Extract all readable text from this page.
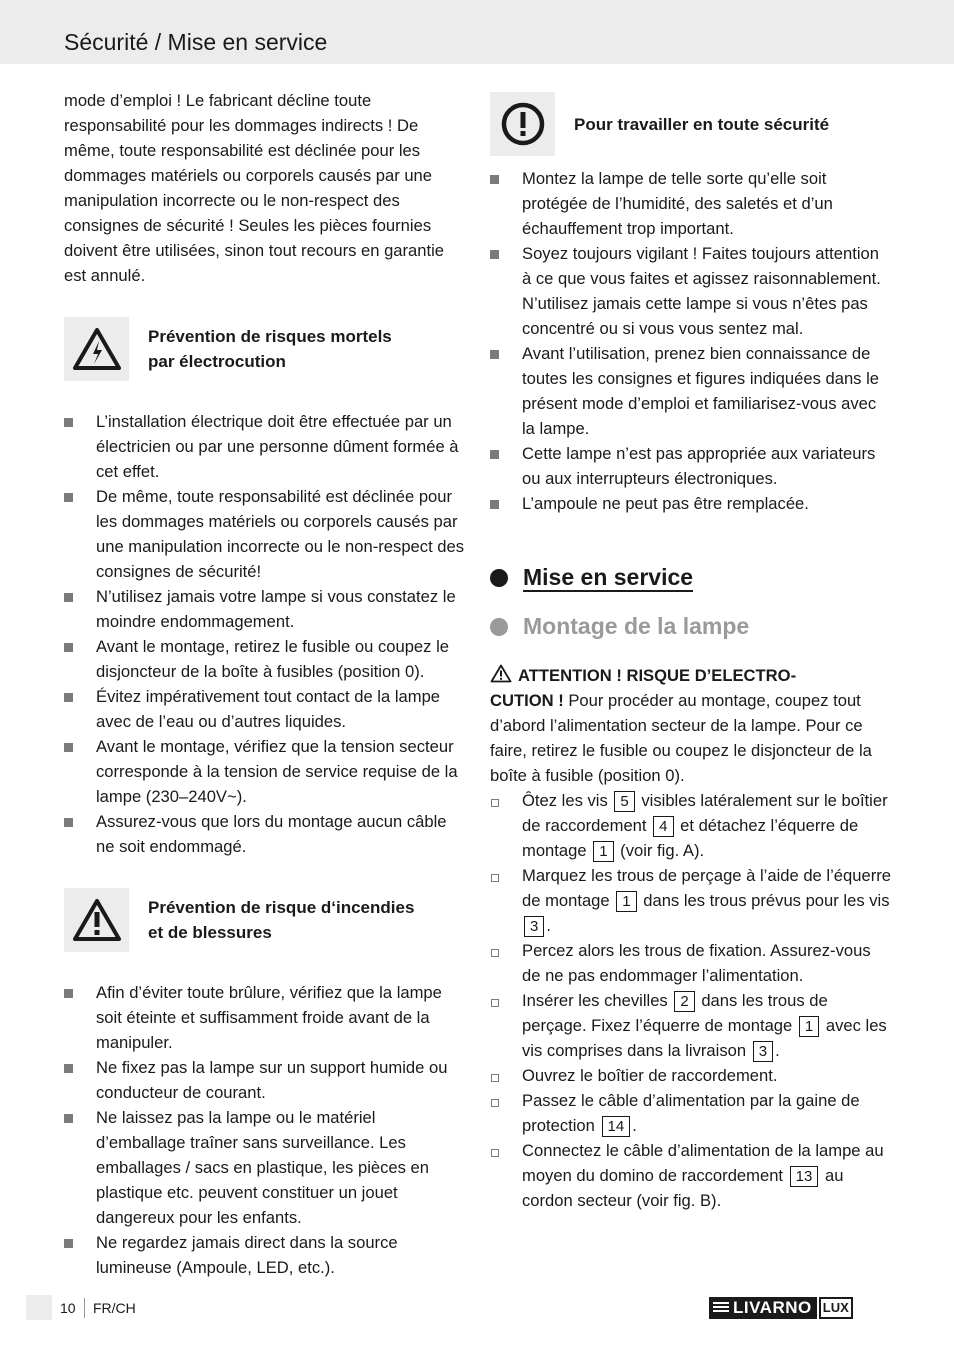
Sécurité / Mise en service

mode d’emploi ! Le fabricant décline toute responsabilité pour les dommages indirects ! De même, toute responsabilité est déclinée pour les dommages matériels ou corporels causés par une manipulation incorrecte ou le non-respect des consignes de sécurité ! Seules les pièces fournies doivent être utilisées, sinon tout recours en garantie est annulé.

Prévention de risques mortels
par électrocution
L’installation électrique doit être effectuée par un électricien ou par une personne dûment formée à cet effet.
De même, toute responsabilité est déclinée pour les dommages matériels ou corporels causés par une manipulation incorrecte ou le non-respect des consignes de sécurité!
N’utilisez jamais votre lampe si vous constatez le moindre endommagement.
Avant le montage, retirez le fusible ou coupez le disjoncteur de la boîte à fusibles (position 0).
Évitez impérativement tout contact de la lampe avec de l’eau ou d’autres liquides.
Avant le montage, vérifiez que la tension secteur corresponde à la tension de service requise de la lampe (230–240V~).
Assurez-vous que lors du montage aucun câble ne soit endommagé.
Prévention de risque d‘incendies
et de blessures
Afin d’éviter toute brûlure, vérifiez que la lampe soit éteinte et suffisamment froide avant de la manipuler.
Ne fixez pas la lampe sur un support humide ou conducteur de courant.
Ne laissez pas la lampe ou le matériel d’emballage traîner sans surveillance. Les emballages / sacs en plastique, les pièces en plastique etc. peuvent constituer un jouet dangereux pour les enfants.
Ne regardez jamais direct dans la source lumineuse (Ampoule, LED, etc.).
Pour travailler en toute sécurité
Montez la lampe de telle sorte qu’elle soit protégée de l’humidité, des saletés et d’un échauffement trop important.
Soyez toujours vigilant ! Faites toujours attention à ce que vous faites et agissez raisonnablement. N’utilisez jamais cette lampe si vous n’êtes pas concentré ou si vous vous sentez mal.
Avant l’utilisation, prenez bien connaissance de toutes les consignes et figures indiquées dans le présent mode d’emploi et familiarisez-vous avec la lampe.
Cette lampe n’est pas appropriée aux variateurs ou aux interrupteurs électroniques.
L’ampoule ne peut pas être remplacée.
Mise en service
Montage de la lampe

ATTENTION ! RISQUE D’ELECTRO-
CUTION ! Pour procéder au montage, coupez tout d’abord l’alimentation secteur de la lampe. Pour ce faire, retirez le fusible ou coupez le disjoncteur de la boîte à fusible (position 0).

Ôtez les vis 5 visibles latéralement sur le boîtier de raccordement 4 et détachez l’équerre de montage 1 (voir fig. A).
Marquez les trous de perçage à l’aide de l’équerre de montage 1 dans les trous prévus pour les vis 3 .
Percez alors les trous de fixation. Assurez-vous de ne pas endommager l’alimentation.
Insérer les chevilles 2 dans les trous de perçage. Fixez l’équerre de montage 1 avec les vis comprises dans la livraison 3 .
Ouvrez le boîtier de raccordement.
Passez le câble d’alimentation par la gaine de protection 14 .
Connectez le câble d’alimentation de la lampe au moyen du domino de raccordement 13 au cordon secteur (voir fig. B).
10 FR/CH	LIVARNO LUX
